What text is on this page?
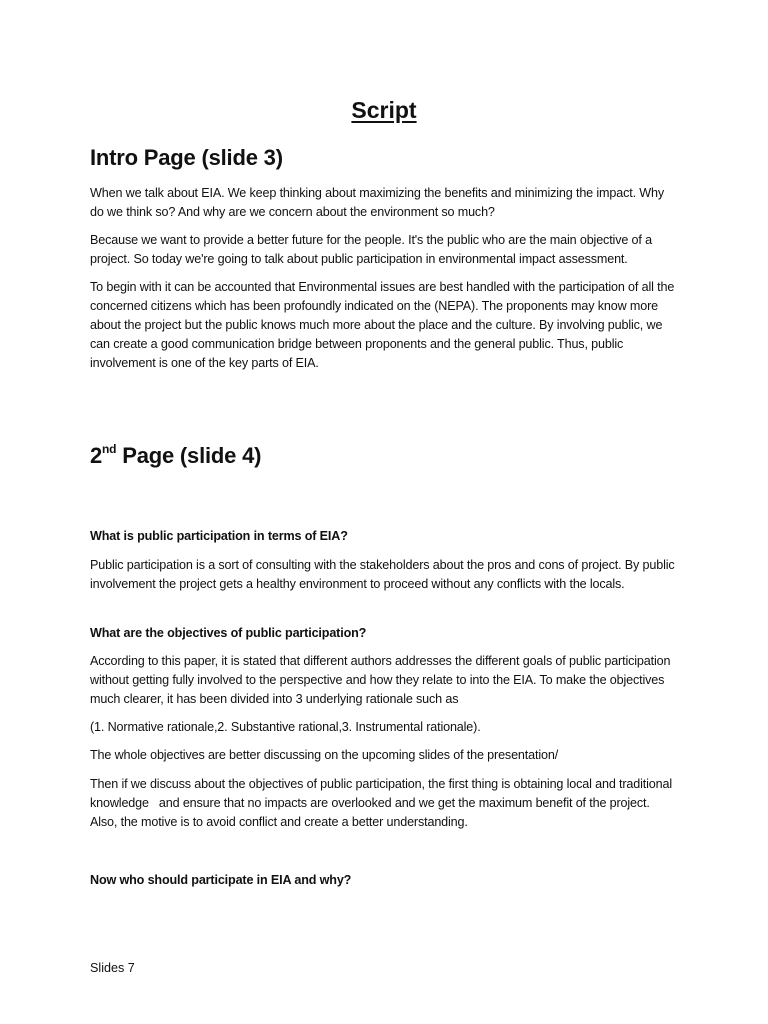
Script
Intro Page (slide 3)

When we talk about EIA. We keep thinking about maximizing the benefits and minimizing the impact. Why do we think so? And why are we concern about the environment so much?

Because we want to provide a better future for the people. It's the public who are the main objective of a project. So today we're going to talk about public participation in environmental impact assessment.

To begin with it can be accounted that Environmental issues are best handled with the participation of all the concerned citizens which has been profoundly indicated on the (NEPA). The proponents may know more about the project but the public knows much more about the place and the culture. By involving public, we can create a good communication bridge between proponents and the general public. Thus, public involvement is one of the key parts of EIA.

2nd Page (slide 4)

What is public participation in terms of EIA?

Public participation is a sort of consulting with the stakeholders about the pros and cons of project. By public involvement the project gets a healthy environment to proceed without any conflicts with the locals.

What are the objectives of public participation?

According to this paper, it is stated that different authors addresses the different goals of public participation without getting fully involved to the perspective and how they relate to into the EIA. To make the objectives much clearer, it has been divided into 3 underlying rationale such as

(1. Normative rationale,2. Substantive rational,3. Instrumental rationale).

The whole objectives are better discussing on the upcoming slides of the presentation/

Then if we discuss about the objectives of public participation, the first thing is obtaining local and traditional knowledge   and ensure that no impacts are overlooked and we get the maximum benefit of the project. Also, the motive is to avoid conflict and create a better understanding.

Now who should participate in EIA and why?

Slides 7
